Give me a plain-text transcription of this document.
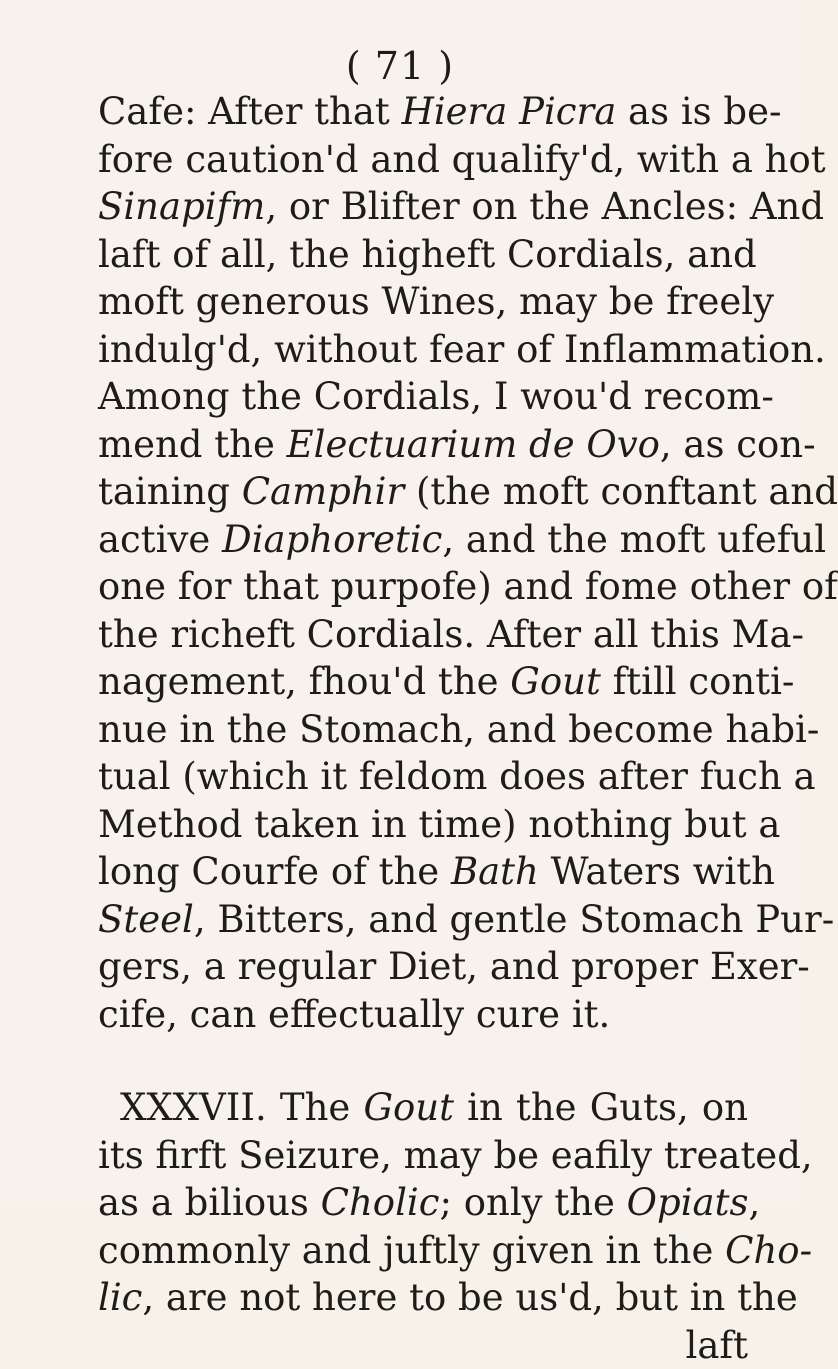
( 71 )
Cafe: After that Hiera Picra as is be-
fore caution'd and qualify'd, with a hot
Sinapifm, or Blifter on the Ancles: And
laft of all, the higheft Cordials, and
moft generous Wines, may be freely
indulg'd, without fear of Inflammation.
Among the Cordials, I wou'd recom-
mend the Electuarium de Ovo, as con-
taining Camphir (the moft conftant and
active Diaphoretic, and the moft ufeful
one for that purpofe) and fome other of
the richeft Cordials. After all this Ma-
nagement, fhou'd the Gout ftill conti-
nue in the Stomach, and become habi-
tual (which it feldom does after fuch a
Method taken in time) nothing but a
long Courfe of the Bath Waters with
Steel, Bitters, and gentle Stomach Pur-
gers, a regular Diet, and proper Exer-
cife, can effectually cure it.
XXXVII. The Gout in the Guts, on
its firft Seizure, may be eafily treated,
as a bilious Cholic; only the Opiats,
commonly and juftly given in the Cho-
lic, are not here to be us'd, but in the
laft
